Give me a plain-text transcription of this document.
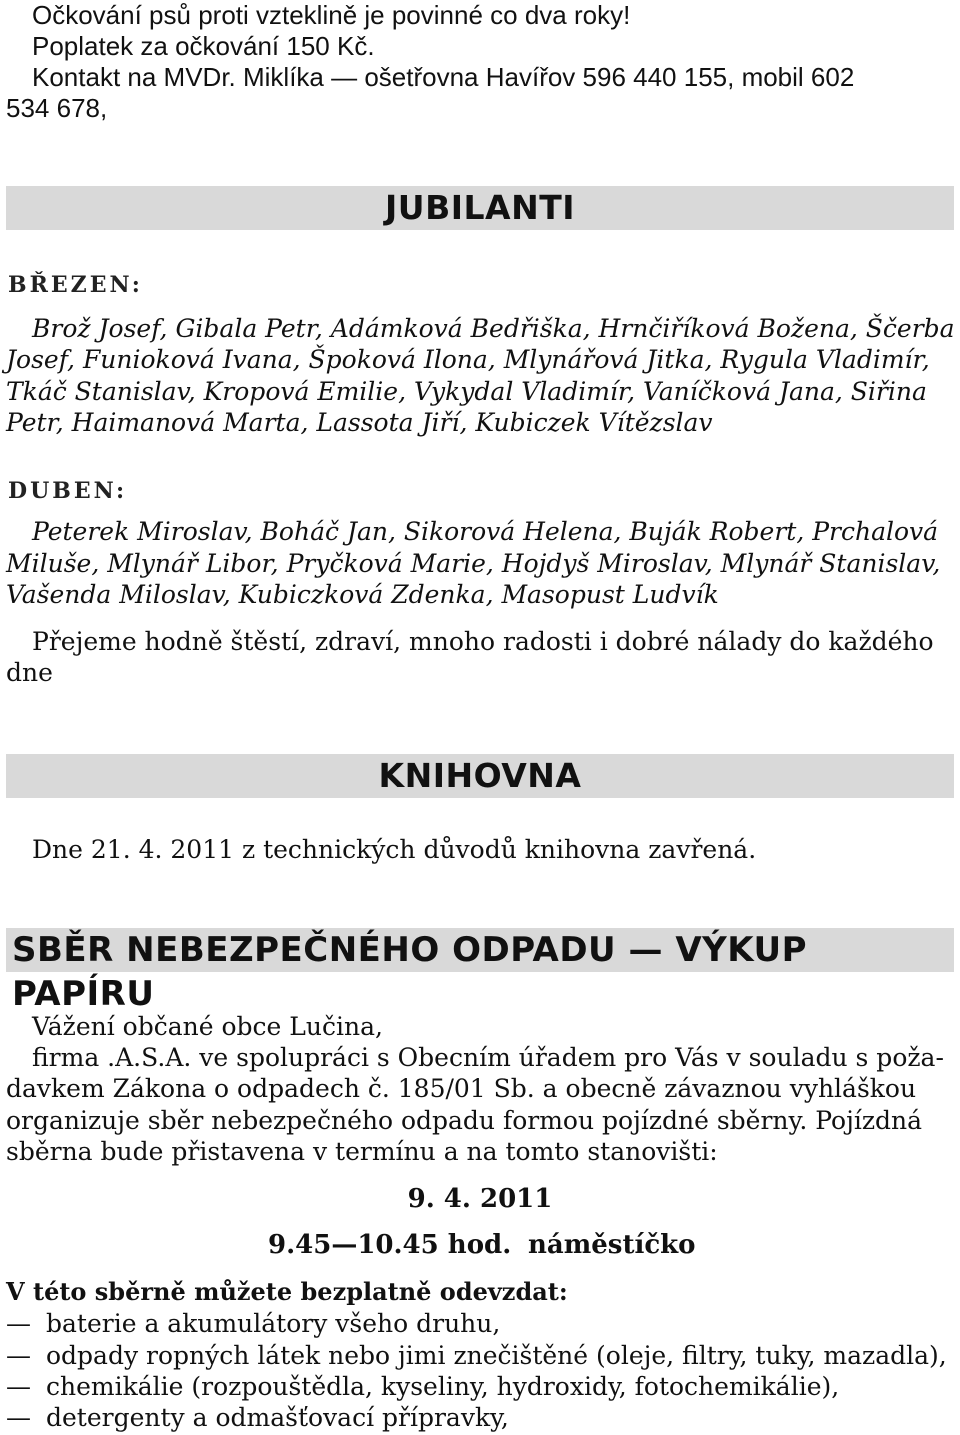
Očkování psů proti vzteklině je povinné co dva roky!
Poplatek za očkování 150 Kč.
Kontakt na MVDr. Miklíka — ošetřovna Havířov 596 440 155, mobil 602
534 678,
JUBILANTI
BŘEZEN:
Brož Josef, Gibala Petr, Adámková Bedřiška, Hrnčiříková Božena, Ščerba
Josef, Funioková Ivana, Špoková Ilona, Mlynářová Jitka, Rygula Vladimír,
Tkáč Stanislav, Kropová Emilie, Vykydal Vladimír, Vaníčková Jana, Siřina
Petr, Haimanová Marta, Lassota Jiří, Kubiczek Vítězslav
DUBEN:
Peterek Miroslav, Boháč Jan, Sikorová Helena, Buják Robert, Prchalová
Miluše, Mlynář Libor, Pryčková Marie, Hojdyš Miroslav, Mlynář Stanislav,
Vašenda Miloslav, Kubiczková Zdenka, Masopust Ludvík
Přejeme hodně štěstí, zdraví, mnoho radosti i dobré nálady do každého
dne
KNIHOVNA
Dne 21. 4. 2011 z technických důvodů knihovna zavřená.
SBĚR NEBEZPEČNÉHO ODPADU — VÝKUP PAPÍRU
Vážení občané obce Lučina,
firma .A.S.A. ve spolupráci s Obecním úřadem pro Vás v souladu s poža-
davkem Zákona o odpadech č. 185/01 Sb. a obecně závaznou vyhláškou
organizuje sběr nebezpečného odpadu formou pojízdné sběrny. Pojízdná
sběrna bude přistavena v termínu a na tomto stanovišti:
9. 4. 2011
9.45—10.45 hod. náměstíčko
V této sběrně můžete bezplatně odevzdat:
— baterie a akumulátory všeho druhu,
— odpady ropných látek nebo jimi znečištěné (oleje, filtry, tuky, mazadla),
— chemikálie (rozpouštědla, kyseliny, hydroxidy, fotochemikálie),
— detergenty a odmašťovací přípravky,
